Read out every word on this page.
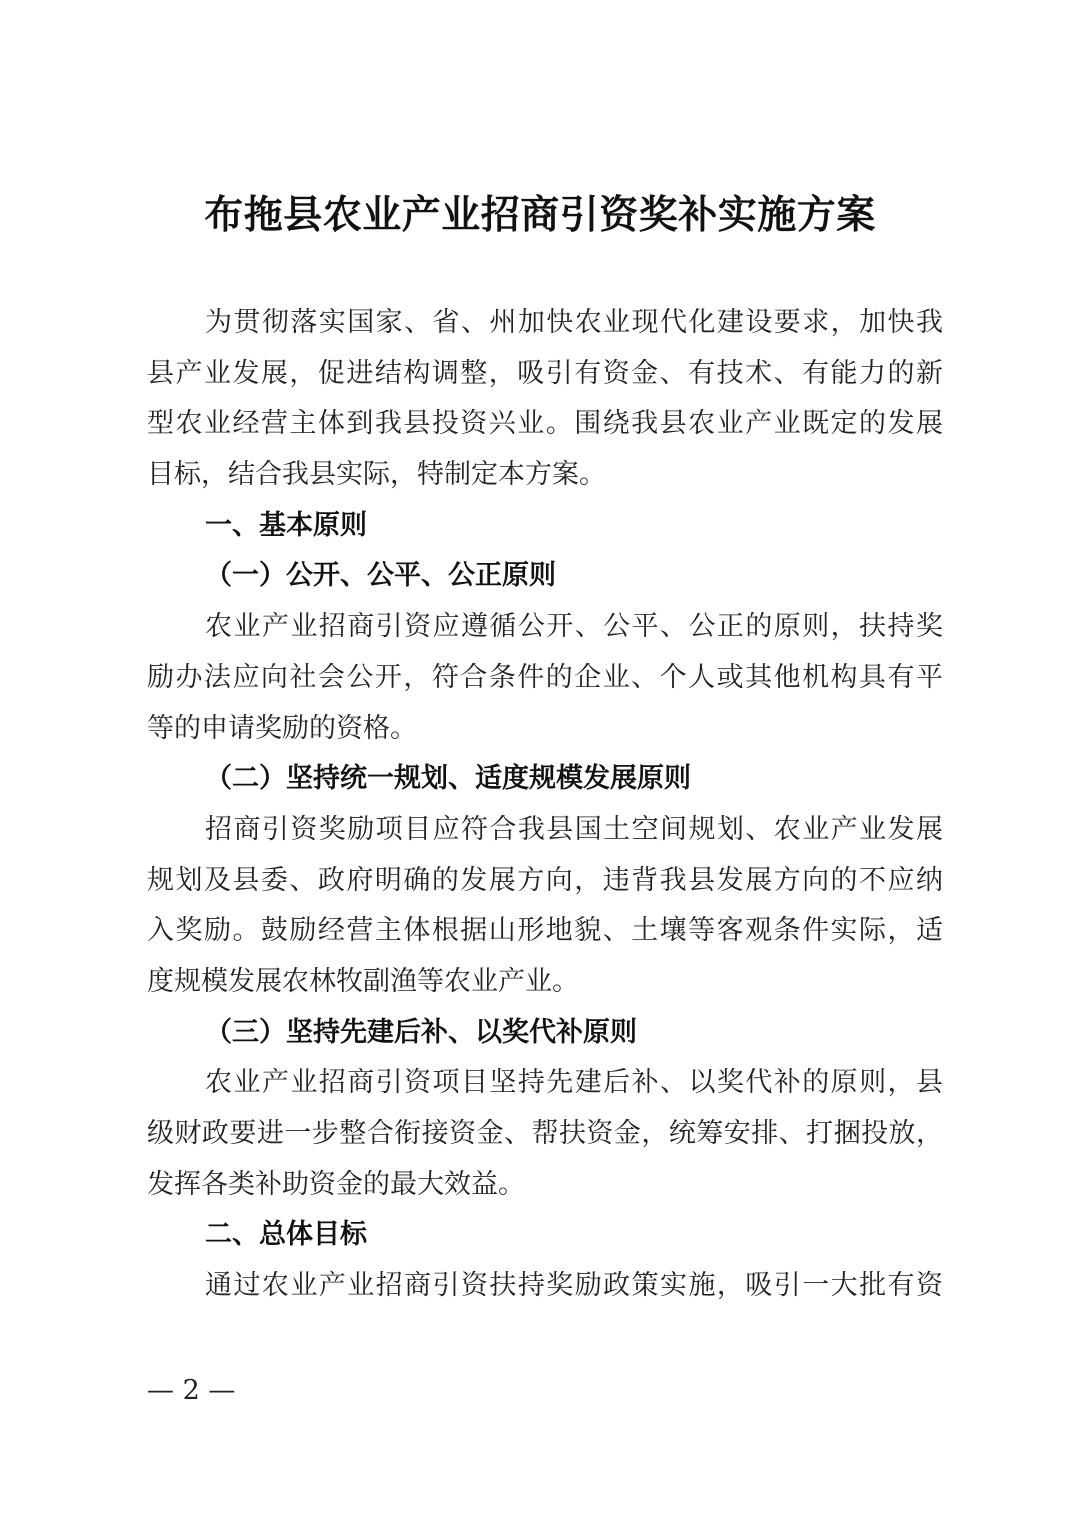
布拖县农业产业招商引资奖补实施方案
为贯彻落实国家、省、州加快农业现代化建设要求，加快我
县产业发展，促进结构调整，吸引有资金、有技术、有能力的新
型农业经营主体到我县投资兴业。围绕我县农业产业既定的发展
目标，结合我县实际，特制定本方案。
一、基本原则
（一）公开、公平、公正原则
农业产业招商引资应遵循公开、公平、公正的原则，扶持奖
励办法应向社会公开，符合条件的企业、个人或其他机构具有平
等的申请奖励的资格。
（二）坚持统一规划、适度规模发展原则
招商引资奖励项目应符合我县国土空间规划、农业产业发展
规划及县委、政府明确的发展方向，违背我县发展方向的不应纳
入奖励。鼓励经营主体根据山形地貌、土壤等客观条件实际，适
度规模发展农林牧副渔等农业产业。
（三）坚持先建后补、以奖代补原则
农业产业招商引资项目坚持先建后补、以奖代补的原则，县
级财政要进一步整合衔接资金、帮扶资金，统筹安排、打捆投放，
发挥各类补助资金的最大效益。
二、总体目标
通过农业产业招商引资扶持奖励政策实施，吸引一大批有资
— 2 —
